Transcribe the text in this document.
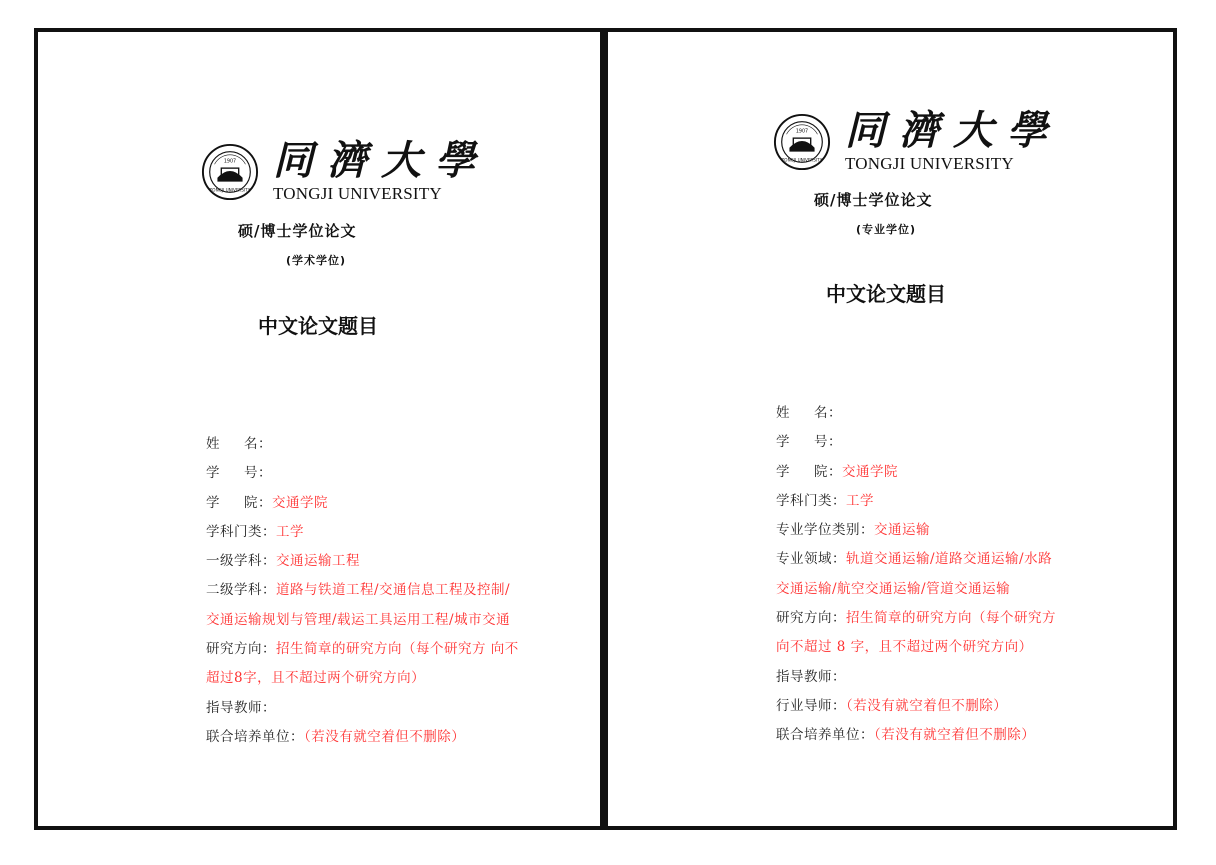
1907
TONGJI UNIVERSITY
同濟大學
TONGJI UNIVERSITY
硕/博士学位论文
(学术学位)
中文论文题目
姓     名：
学     号：
学     院：交通学院
学科门类：工学
一级学科：交通运输工程
二级学科：道路与铁道工程/交通信息工程及控制/
交通运输规划与管理/载运工具运用工程/城市交通
研究方向：招生简章的研究方向（每个研究方 向不
超过8字，且不超过两个研究方向）
指导教师：
联合培养单位：（若没有就空着但不删除）
1907
TONGJI UNIVERSITY
同濟大學
TONGJI UNIVERSITY
硕/博士学位论文
(专业学位)
中文论文题目
姓     名：
学     号：
学     院：交通学院
学科门类：工学
专业学位类别：交通运输
专业领域：轨道交通运输/道路交通运输/水路
交通运输/航空交通运输/管道交通运输
研究方向：招生简章的研究方向（每个研究方
向不超过 8 字，且不超过两个研究方向）
指导教师：
行业导师：（若没有就空着但不删除）
联合培养单位：（若没有就空着但不删除）
